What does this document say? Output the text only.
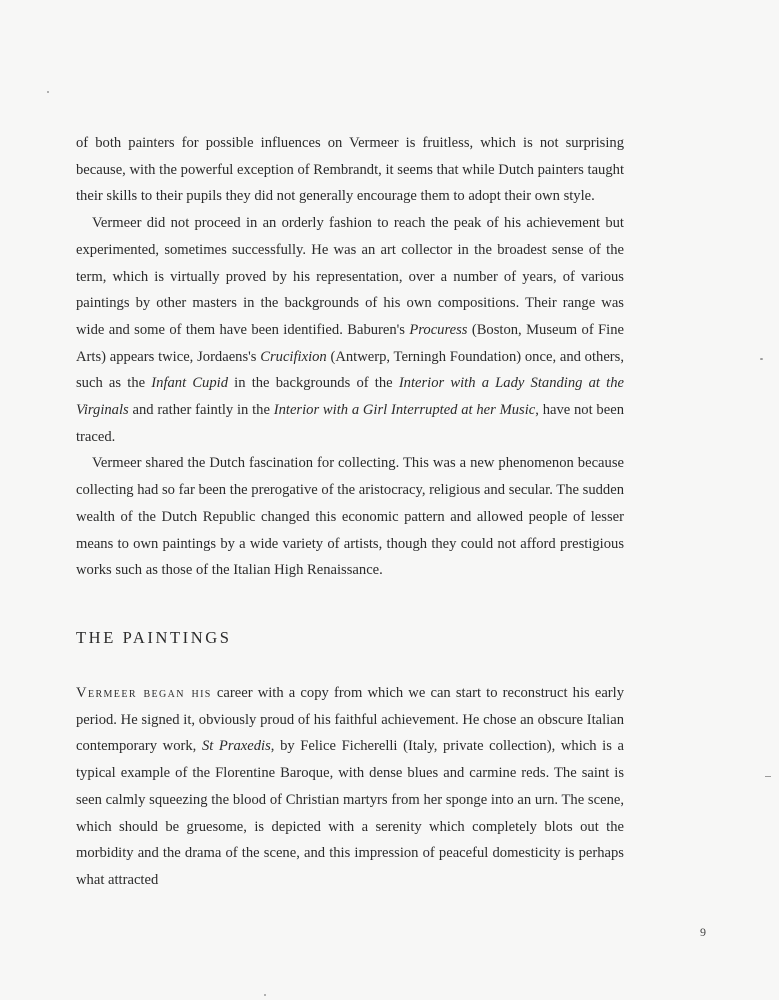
of both painters for possible influences on Vermeer is fruitless, which is not surprising because, with the powerful exception of Rembrandt, it seems that while Dutch painters taught their skills to their pupils they did not generally encourage them to adopt their own style.

Vermeer did not proceed in an orderly fashion to reach the peak of his achievement but experimented, sometimes successfully. He was an art collector in the broadest sense of the term, which is virtually proved by his representation, over a number of years, of various paintings by other masters in the backgrounds of his own compositions. Their range was wide and some of them have been identified. Baburen's Procuress (Boston, Museum of Fine Arts) appears twice, Jordaens's Crucifixion (Antwerp, Terningh Foundation) once, and others, such as the Infant Cupid in the backgrounds of the Interior with a Lady Standing at the Virginals and rather faintly in the Interior with a Girl Interrupted at her Music, have not been traced.

Vermeer shared the Dutch fascination for collecting. This was a new phenomenon because collecting had so far been the prerogative of the aristocracy, religious and secular. The sudden wealth of the Dutch Republic changed this economic pattern and allowed people of lesser means to own paintings by a wide variety of artists, though they could not afford prestigious works such as those of the Italian High Renaissance.

THE PAINTINGS

Vermeer began his career with a copy from which we can start to reconstruct his early period. He signed it, obviously proud of his faithful achievement. He chose an obscure Italian contemporary work, St Praxedis, by Felice Ficherelli (Italy, private collection), which is a typical example of the Florentine Baroque, with dense blues and carmine reds. The saint is seen calmly squeezing the blood of Christian martyrs from her sponge into an urn. The scene, which should be gruesome, is depicted with a serenity which completely blots out the morbidity and the drama of the scene, and this impression of peaceful domesticity is perhaps what attracted

9
